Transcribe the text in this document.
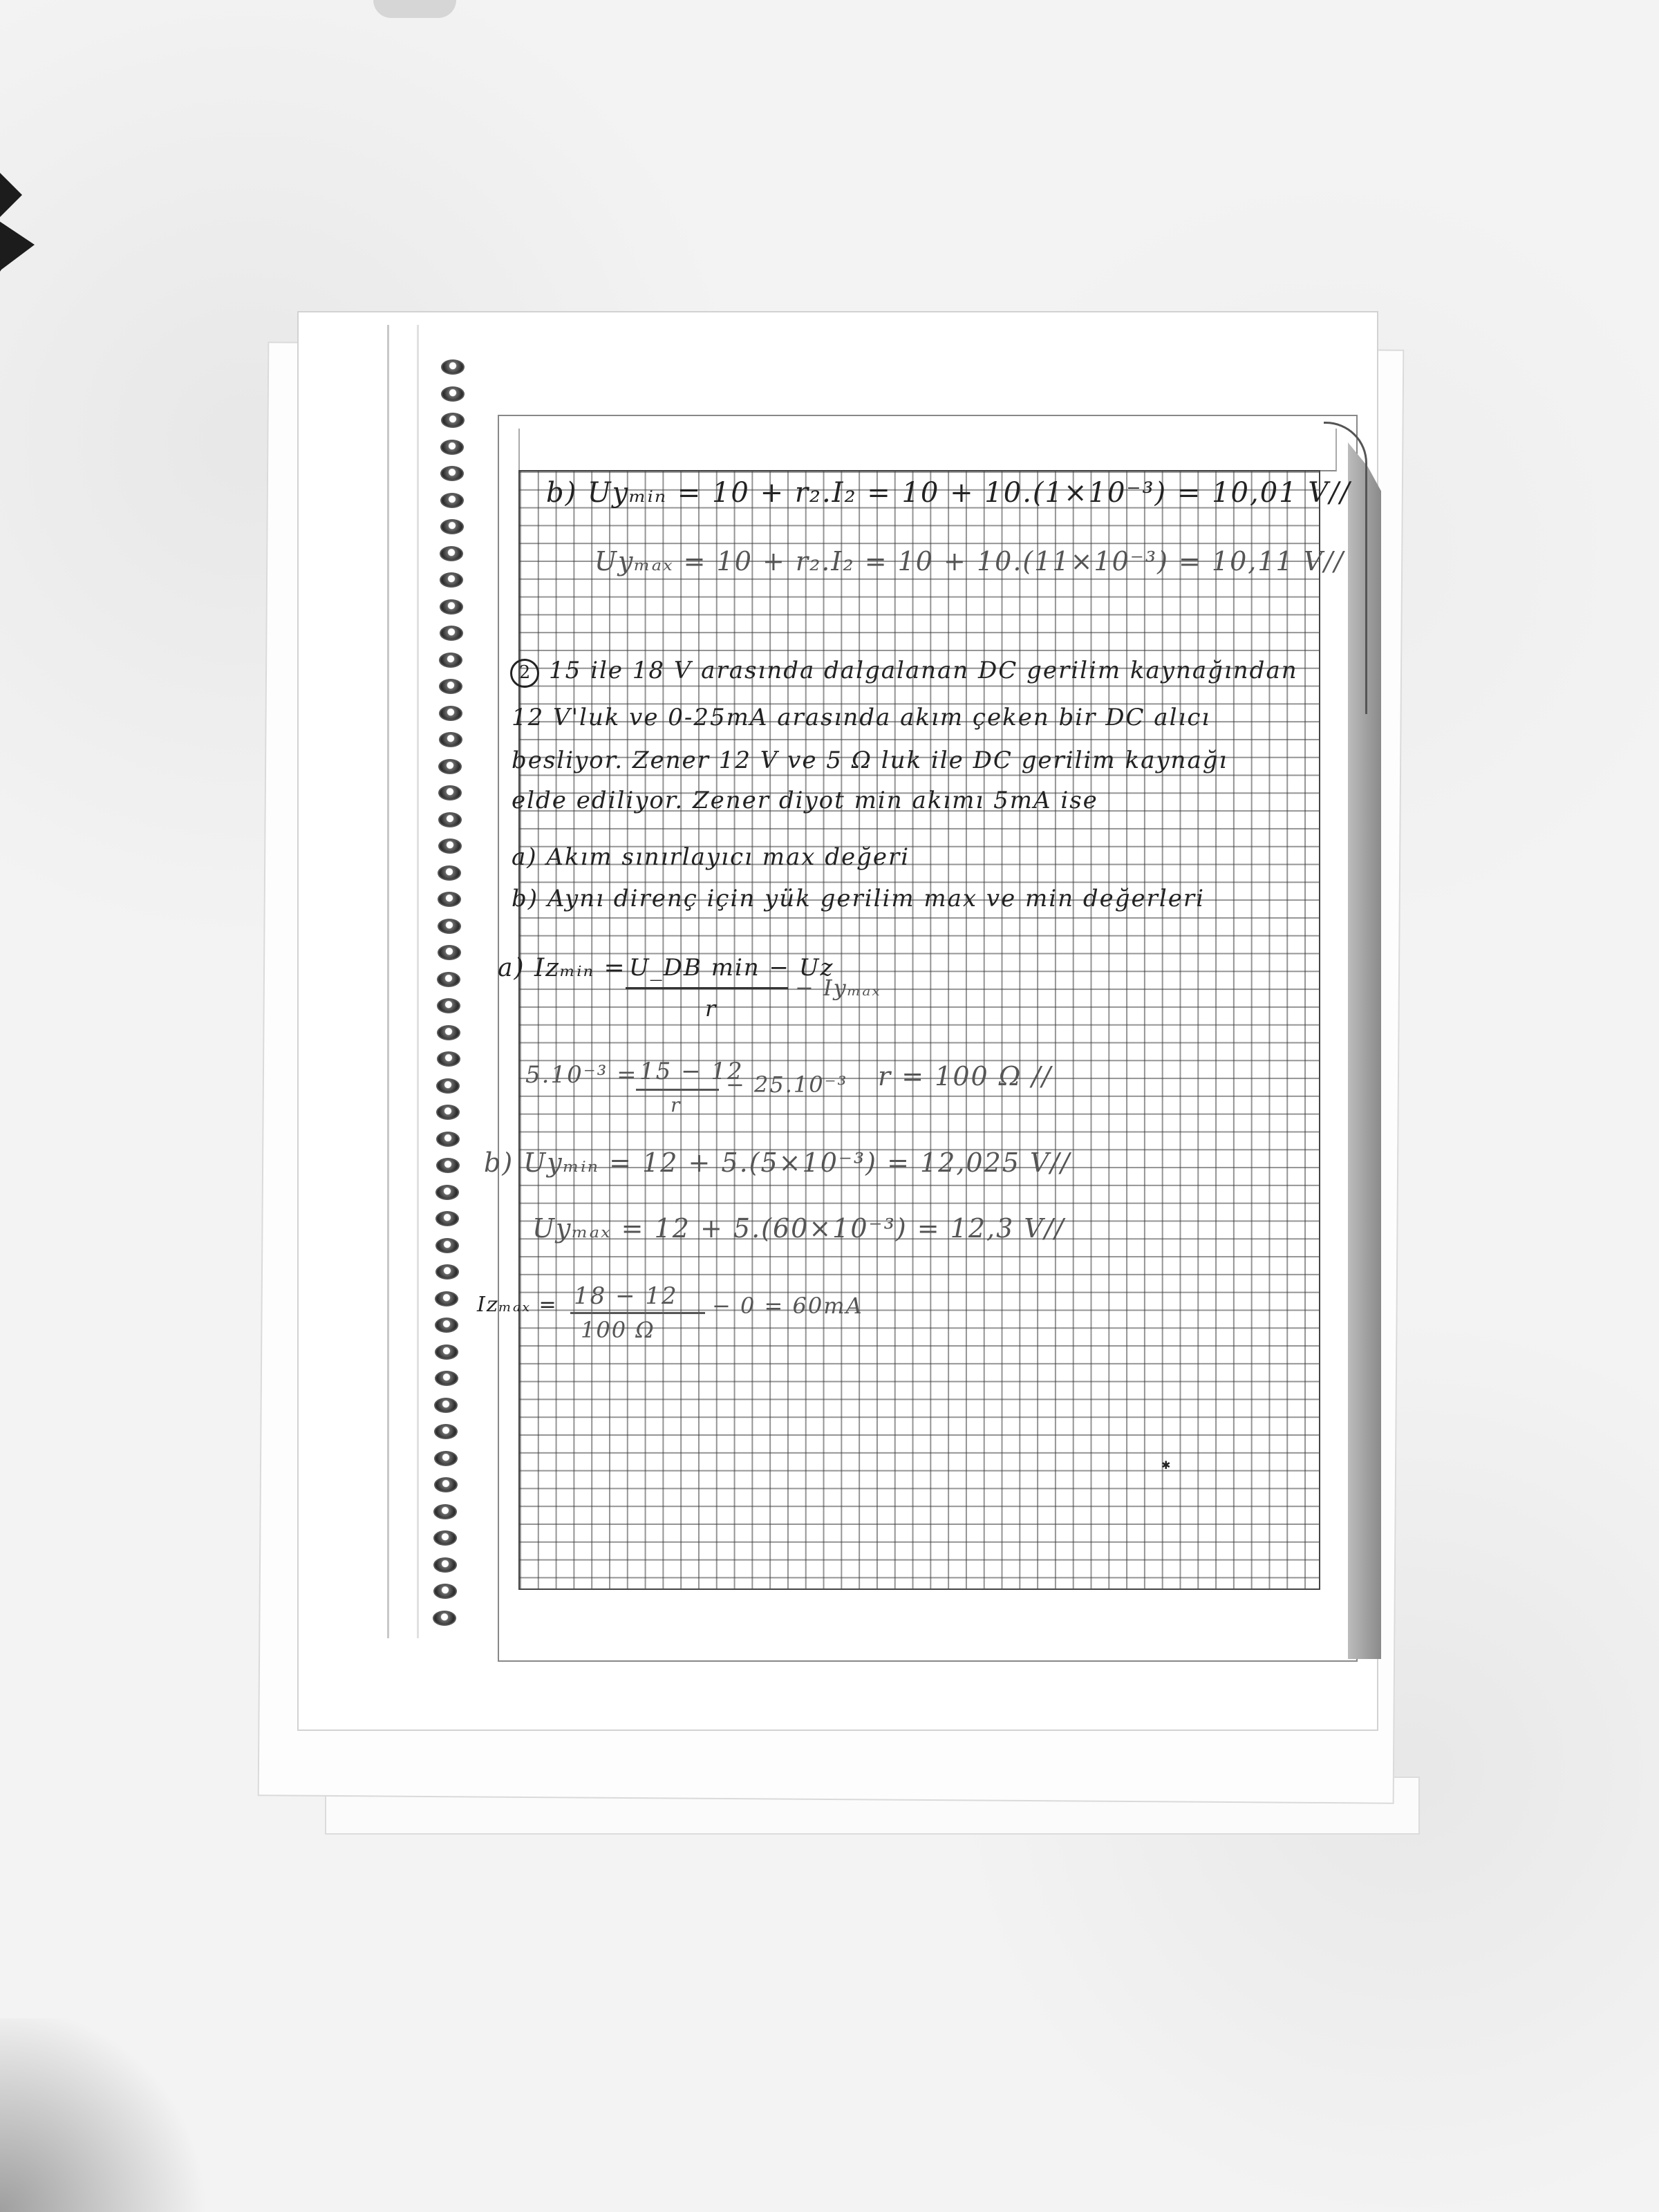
b) Uyₘᵢₙ = 10 + r₂.I₂ = 10 + 10.(1×10⁻³) = 10,01 V//
Uyₘₐₓ = 10 + r₂.I₂ = 10 + 10.(11×10⁻³) = 10,11 V//
2 15 ile 18 V arasında dalgalanan DC gerilim kaynağından
12 V'luk ve 0-25mA arasında akım çeken bir DC alıcı
besliyor. Zener 12 V ve 5 Ω luk ile DC gerilim kaynağı
elde ediliyor. Zener diyot min akımı 5mA ise
a) Akım sınırlayıcı max değeri
b) Aynı direnç için yük gerilim max ve min değerleri
a) Iᴢₘᵢₙ = U_DB min − Uz
r
− Iyₘₐₓ
5.10⁻³ = 15 − 12
r
− 25.10⁻³ r = 100 Ω //
b) Uyₘᵢₙ = 12 + 5.(5×10⁻³) = 12,025 V//
Uyₘₐₓ = 12 + 5.(60×10⁻³) = 12,3 V//
Iᴢₘₐₓ = 18 − 12
100 Ω
− 0 = 60mA
✱
